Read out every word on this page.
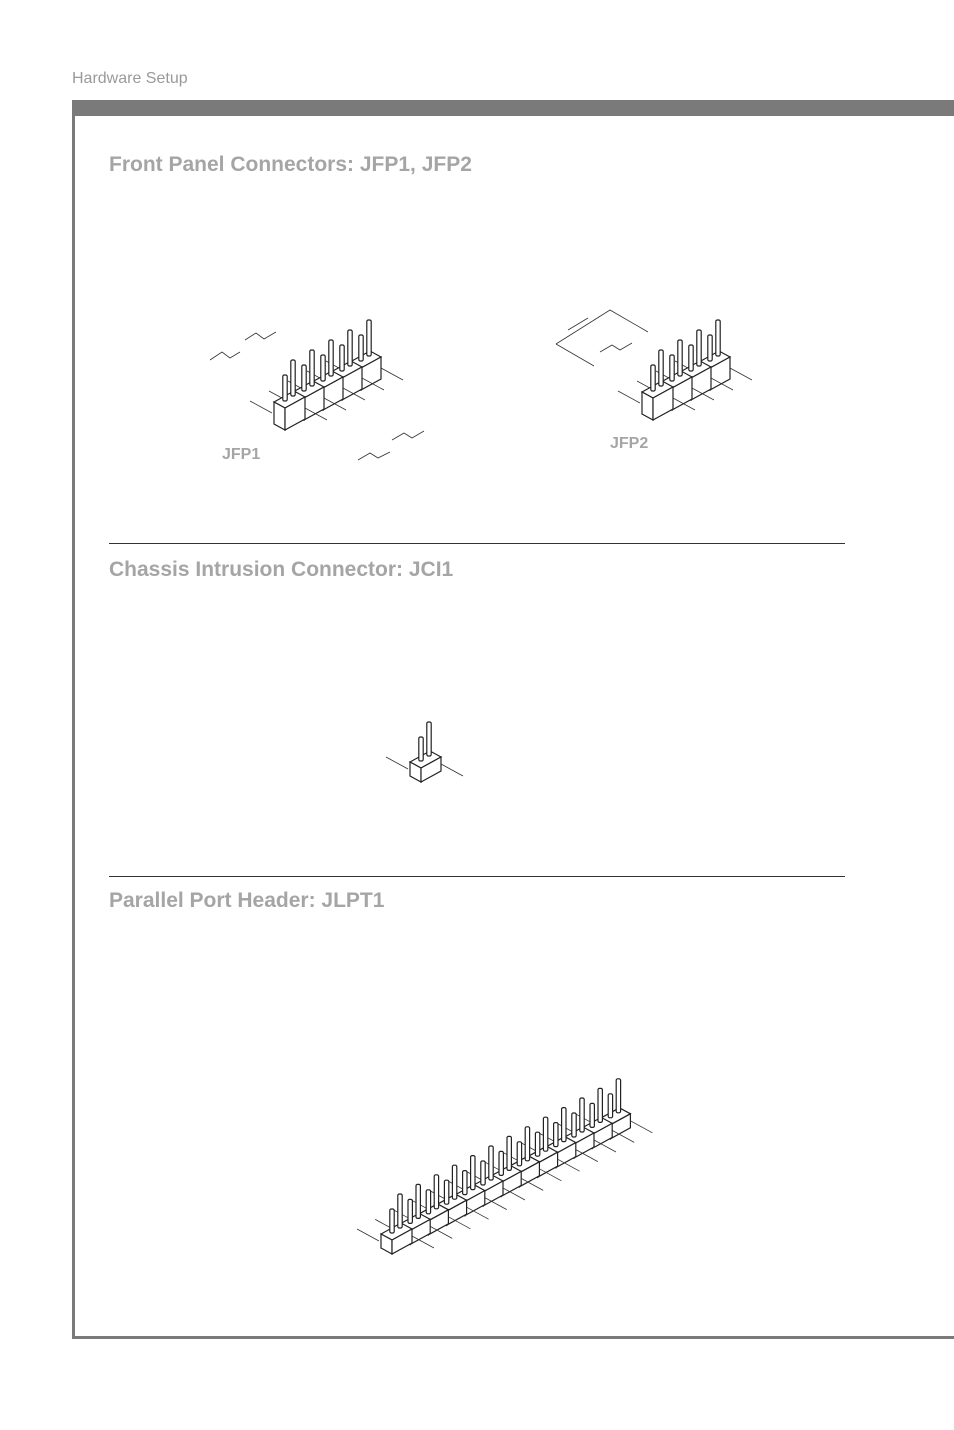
Hardware Setup
Front Panel Connectors: JFP1, JFP2
Chassis Intrusion Connector: JCI1
Parallel Port Header: JLPT1
JFP1
JFP2
